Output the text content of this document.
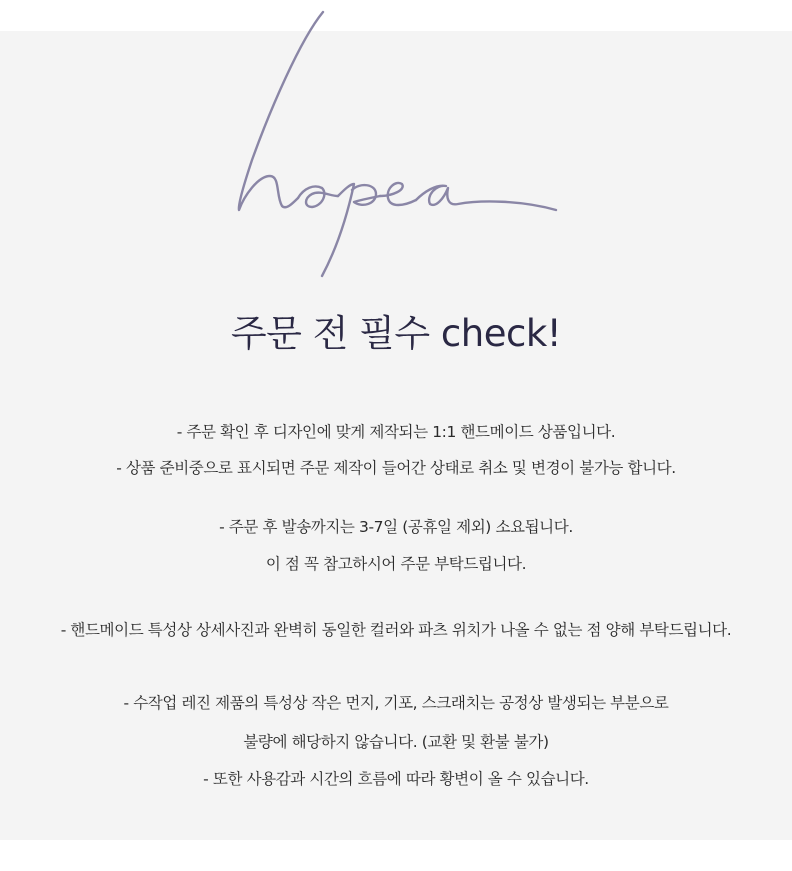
주문 전 필수 check!

- 주문 확인 후 디자인에 맞게 제작되는 1:1 핸드메이드 상품입니다.

- 상품 준비중으로 표시되면 주문 제작이 들어간 상태로 취소 및 변경이 불가능 합니다.

- 주문 후 발송까지는 3-7일 (공휴일 제외) 소요됩니다.

이 점 꼭 참고하시어 주문 부탁드립니다.

- 핸드메이드 특성상 상세사진과 완벽히 동일한 컬러와 파츠 위치가 나올 수 없는 점 양해 부탁드립니다.

- 수작업 레진 제품의 특성상 작은 먼지, 기포, 스크래치는 공정상 발생되는 부분으로

불량에 해당하지 않습니다. (교환 및 환불 불가)

- 또한 사용감과 시간의 흐름에 따라 황변이 올 수 있습니다.
